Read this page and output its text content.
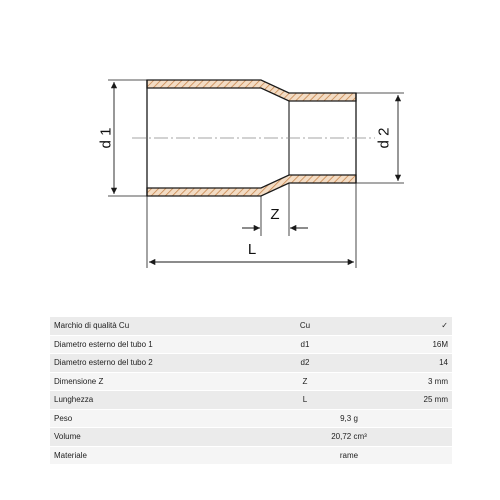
d 1	d 2
Z
L
Marchio di qualità Cu	Cu	✓
Diametro esterno del tubo 1	d1	16M
Diametro esterno del tubo 2	d2	14
Dimensione Z	Z	3 mm
Lunghezza	L	25 mm
Peso	9,3 g	
Volume	20,72 cm³	
Materiale	rame	
